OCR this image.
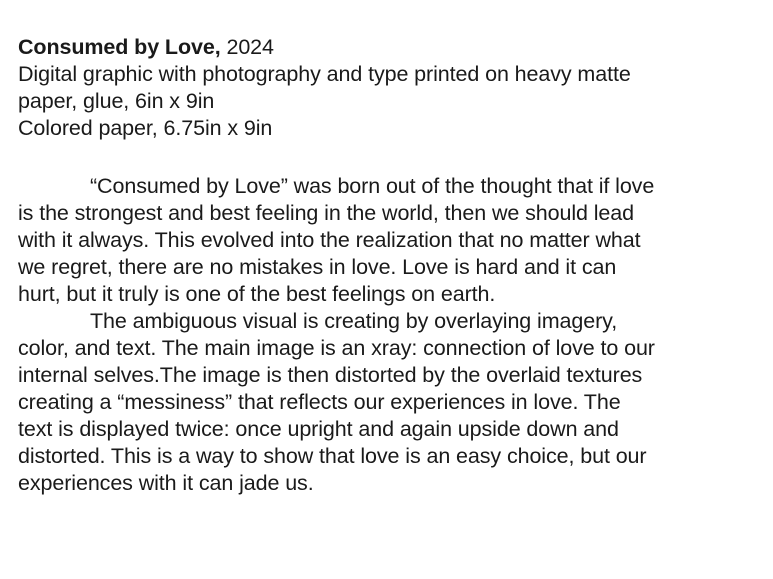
Consumed by Love, 2024
Digital graphic with photography and type printed on heavy matte
paper, glue, 6in x 9in
Colored paper, 6.75in x 9in
“Consumed by Love” was born out of the thought that if love
is the strongest and best feeling in the world, then we should lead
with it always. This evolved into the realization that no matter what
we regret, there are no mistakes in love. Love is hard and it can
hurt, but it truly is one of the best feelings on earth.
The ambiguous visual is creating by overlaying imagery,
color, and text. The main image is an xray: connection of love to our
internal selves.The image is then distorted by the overlaid textures
creating a “messiness” that reflects our experiences in love. The
text is displayed twice: once upright and again upside down and
distorted. This is a way to show that love is an easy choice, but our
experiences with it can jade us.
